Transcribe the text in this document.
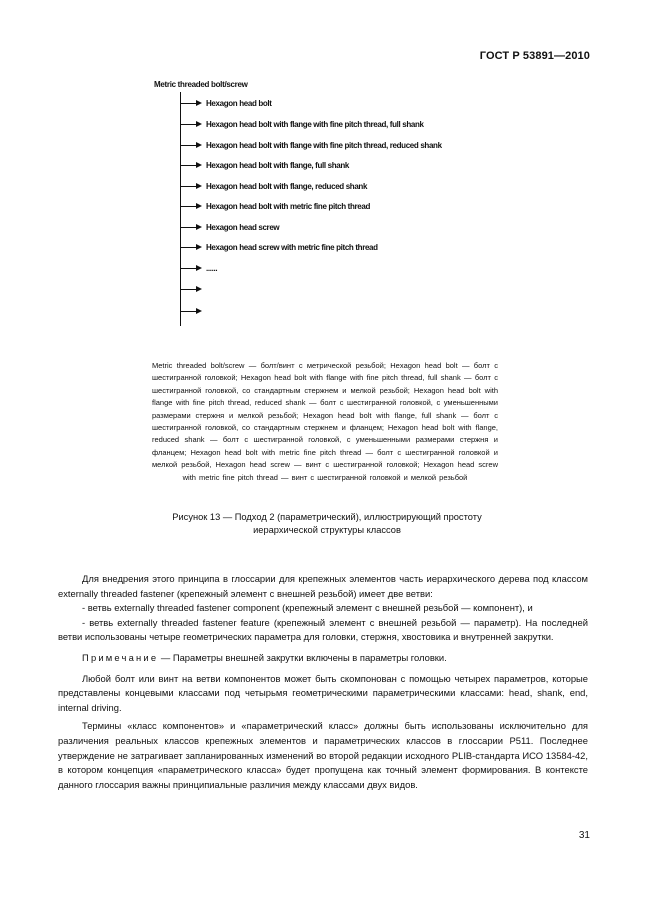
ГОСТ Р 53891—2010
Metric threaded bolt/screw
Hexagon head bolt
Hexagon head bolt with flange with fine pitch thread, full shank
Hexagon head bolt with flange with fine pitch thread, reduced shank
Hexagon head bolt with flange, full shank
Hexagon head bolt with flange, reduced shank
Hexagon head bolt with metric fine pitch thread
Hexagon head screw
Hexagon head screw with metric fine pitch thread
......
Metric threaded bolt/screw — болт/винт с метрической резьбой; Hexagon head bolt — болт с шестигранной головкой; Hexagon head bolt with flange with fine pitch thread, full shank — болт с шестигранной головкой, со стандартным стержнем и мелкой резьбой; Hexagon head bolt with flange with fine pitch thread, reduced shank — болт с шестигранной головкой, с уменьшенными размерами стержня и мелкой резьбой; Hexagon head bolt with flange, full shank — болт с шестигранной головкой, со стандартным стержнем и фланцем; Hexagon head bolt with flange, reduced shank — болт с шестигранной головкой, с уменьшенными размерами стержня и фланцем; Hexagon head bolt with metric fine pitch thread — болт с шестигранной головкой и мелкой резьбой, Hexagon head screw — винт с шестигранной головкой; Hexagon head screw with metric fine pitch thread — винт с шестигранной головкой и мелкой резьбой
Рисунок 13 — Подход 2 (параметрический), иллюстрирующий простоту
иерархической структуры классов

Для внедрения этого принципа в глоссарии для крепежных элементов часть иерархического дерева под классом externally threaded fastener (крепежный элемент с внешней резьбой) имеет две ветви:

- ветвь externally threaded fastener component (крепежный элемент с внешней резьбой — компонент), и

- ветвь externally threaded fastener feature (крепежный элемент с внешней резьбой — параметр). На последней ветви использованы четыре геометрических параметра для головки, стержня, хвостовика и внутренней закрутки.

Примечание — Параметры внешней закрутки включены в параметры головки.

Любой болт или винт на ветви компонентов может быть скомпонован с помощью четырех параметров, которые представлены концевыми классами под четырьмя геометрическими параметрическими классами: head, shank, end, internal driving.

Термины «класс компонентов» и «параметрический класс» должны быть использованы исключительно для различения реальных классов крепежных элементов и параметрических классов в глоссарии P511. Последнее утверждение не затрагивает запланированных изменений во второй редакции исходного PLIB-стандарта ИСО 13584-42, в котором концепция «параметрического класса» будет пропущена как точный элемент формирования. В контексте данного глоссария важны принципиальные различия между классами двух видов.

31
